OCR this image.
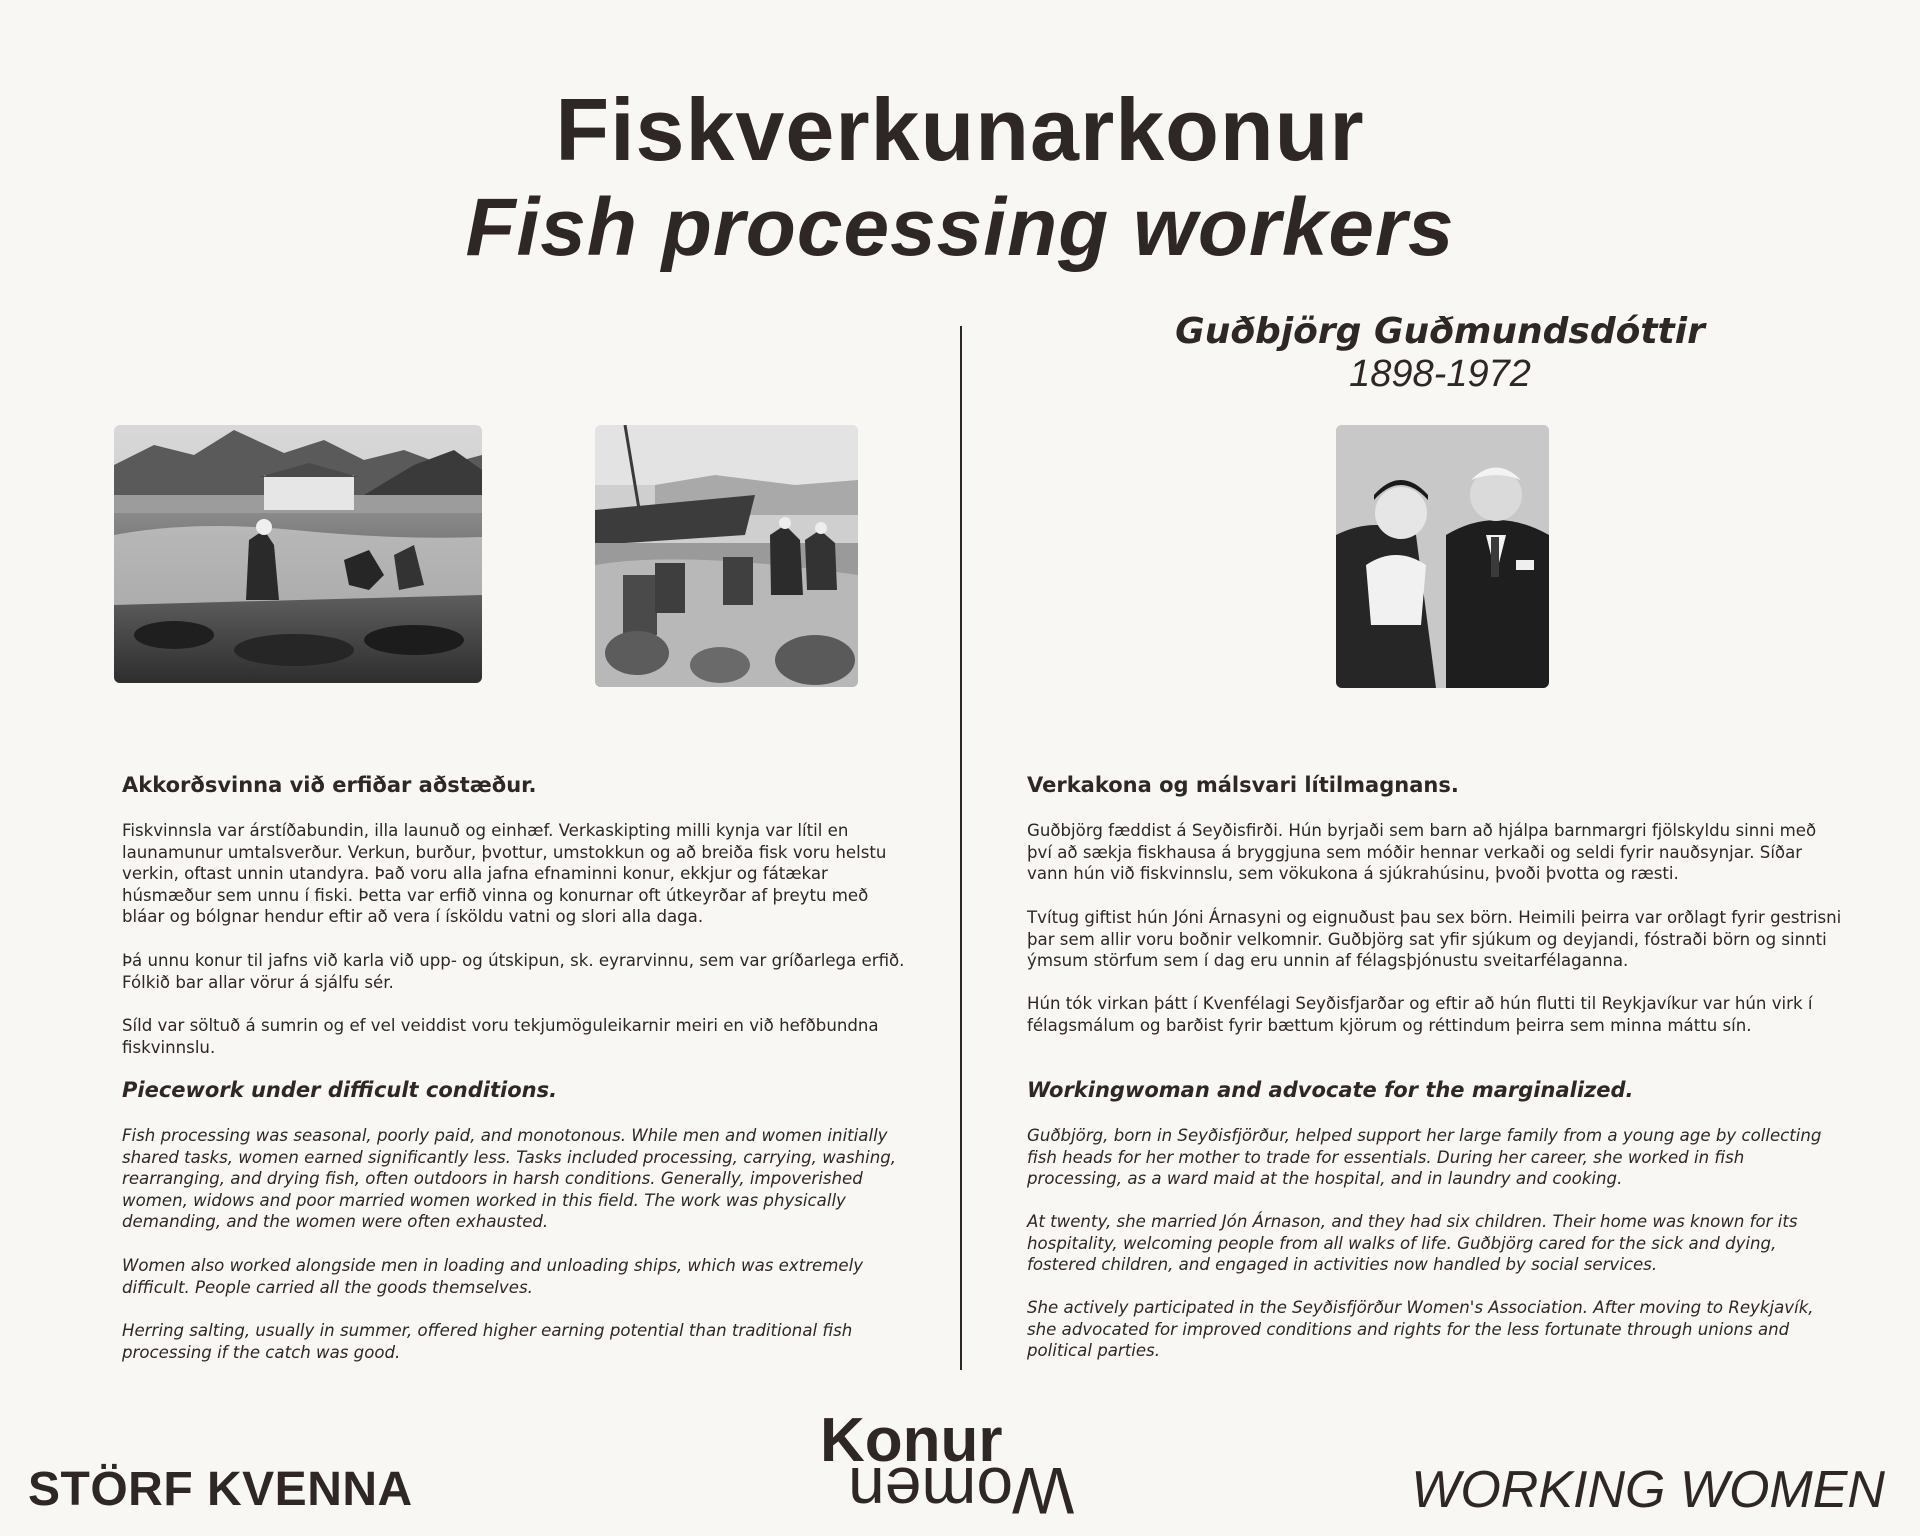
Fiskverkunarkonur
Fish processing workers
Guðbjörg Guðmundsdóttir
1898-1972
Akkorðsvinna við erfiðar aðstæður.

Fiskvinnsla var árstíðabundin, illa launuð og einhæf. Verkaskipting milli kynja var lítil en launamunur umtalsverður. Verkun, burður, þvottur, umstokkun og að breiða fisk voru helstu verkin, oftast unnin utandyra. Það voru alla jafna efnaminni konur, ekkjur og fátækar húsmæður sem unnu í fiski. Þetta var erfið vinna og konurnar oft útkeyrðar af þreytu með bláar og bólgnar hendur eftir að vera í ísköldu vatni og slori alla daga.

Þá unnu konur til jafns við karla við upp- og útskipun, sk. eyrarvinnu, sem var gríðarlega erfið. Fólkið bar allar vörur á sjálfu sér.

Síld var söltuð á sumrin og ef vel veiddist voru tekjumöguleikarnir meiri en við hefðbundna fiskvinnslu.

Piecework under difficult conditions.

Fish processing was seasonal, poorly paid, and monotonous. While men and women initially shared tasks, women earned significantly less. Tasks included processing, carrying, washing, rearranging, and drying fish, often outdoors in harsh conditions. Generally, impoverished women, widows and poor married women worked in this field. The work was physically demanding, and the women were often exhausted.

Women also worked alongside men in loading and unloading ships, which was extremely difficult. People carried all the goods themselves.

Herring salting, usually in summer, offered higher earning potential than traditional fish processing if the catch was good.

Verkakona og málsvari lítilmagnans.

Guðbjörg fæddist á Seyðisfirði. Hún byrjaði sem barn að hjálpa barnmargri fjölskyldu sinni með því að sækja fiskhausa á bryggjuna sem móðir hennar verkaði og seldi fyrir nauðsynjar. Síðar vann hún við fiskvinnslu, sem vökukona á sjúkrahúsinu, þvoði þvotta og ræsti.

Tvítug giftist hún Jóni Árnasyni og eignuðust þau sex börn. Heimili þeirra var orðlagt fyrir gestrisni þar sem allir voru boðnir velkomnir. Guðbjörg sat yfir sjúkum og deyjandi, fóstraði börn og sinnti ýmsum störfum sem í dag eru unnin af félagsþjónustu sveitarfélaganna.

Hún tók virkan þátt í Kvenfélagi Seyðisfjarðar og eftir að hún flutti til Reykjavíkur var hún virk í félagsmálum og barðist fyrir bættum kjörum og réttindum þeirra sem minna máttu sín.

Workingwoman and advocate for the marginalized.

Guðbjörg, born in Seyðisfjörður, helped support her large family from a young age by collecting fish heads for her mother to trade for essentials. During her career, she worked in fish processing, as a ward maid at the hospital, and in laundry and cooking.

At twenty, she married Jón Árnason, and they had six children. Their home was known for its hospitality, welcoming people from all walks of life. Guðbjörg cared for the sick and dying, fostered children, and engaged in activities now handled by social services.

She actively participated in the Seyðisfjörður Women's Association. After moving to Reykjavík, she advocated for improved conditions and rights for the less fortunate through unions and political parties.

STÖRF KVENNA
Konur
Women	WORKING WOMEN
